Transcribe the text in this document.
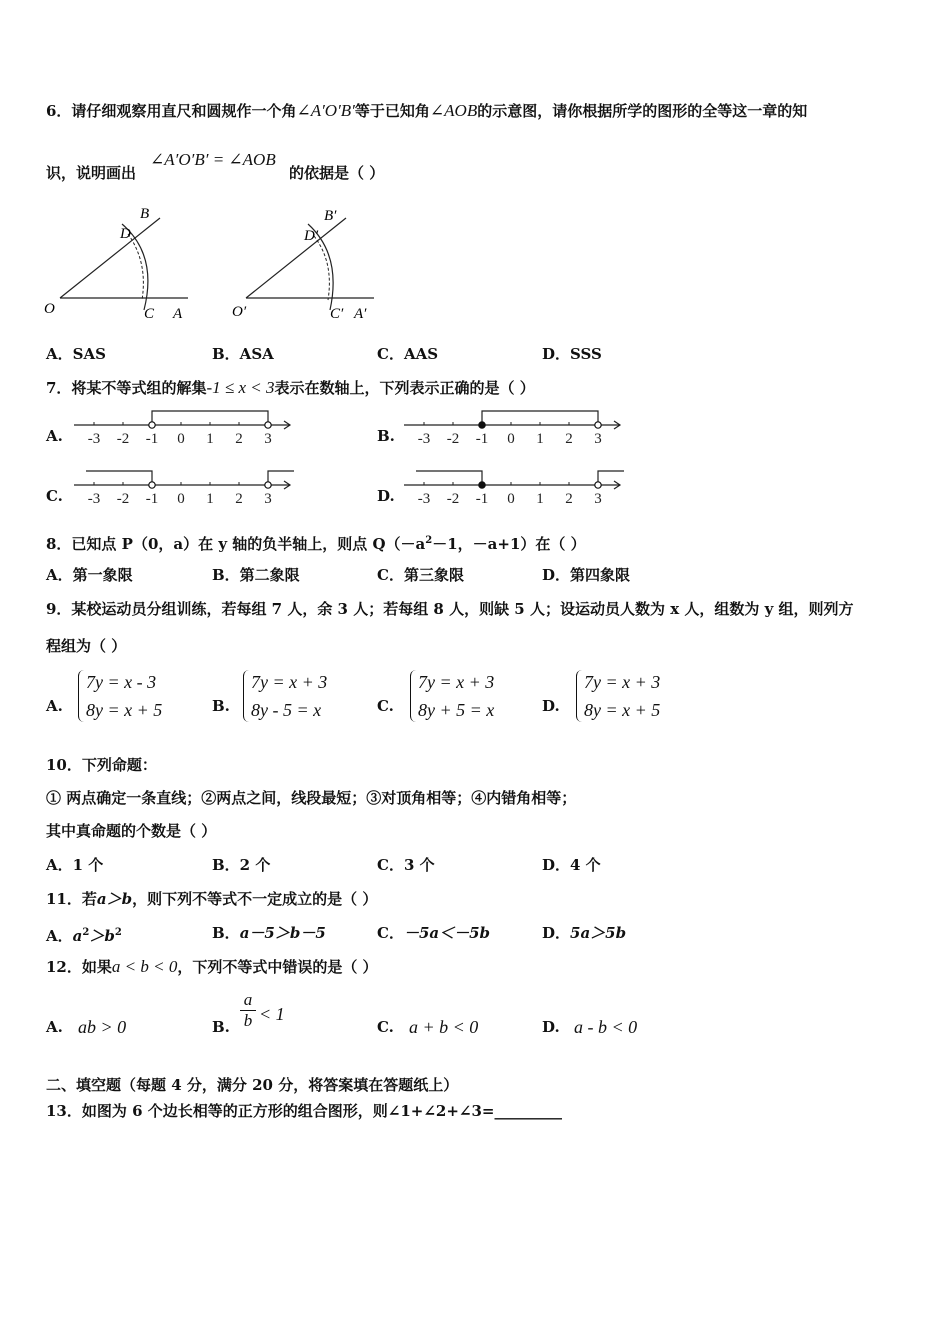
6．请仔细观察用直尺和圆规作一个角∠A′O′B′等于已知角∠AOB的示意图，请你根据所学的图形的全等这一章的知
识，说明画出
∠A′O′B′ = ∠AOB
的依据是（ ）
O	C A
B
D
O′	C′ A′
B′
D′
A．SAS	B．ASA	C．AAS	D．SSS
7．将某不等式组的解集-1 ≤ x < 3表示在数轴上，下列表示正确的是（ ）
A.	B.
C.	D.
-3 -2 -1 0 1 2 3	-3 -2 -1 0 1 2 3
-3 -2 -1 0 1 2 3	-3 -2 -1 0 1 2 3
8．已知点 P（0，a）在 y 轴的负半轴上，则点 $Q(-a^2-1$，－a+1）在（ ）
A．第一象限	B．第二象限	C．第三象限	D．第四象限
9．某校运动员分组训练，若每组 7 人，余 3 人；若每组 8 人，则缺 5 人；设运动员人数为 x 人，组数为 y 组，则列方
程组为（ ）
A.
7y = x - 3
8y = x + 5	B.
7y = x + 3
8y - 5 = x	C.
7y = x + 3
8y + 5 = x	D.
7y = x + 3
8y = x + 5
10．下列命题：
① 两点确定一条直线；②两点之间，线段最短；③对顶角相等；④内错角相等；
其中真命题的个数是（ ）
A．1 个	B．2 个	C．3 个	D．4 个
11．若a＞b，则下列不等式不一定成立的是（ ）
A．$a^2>b^2$	B．a－5＞b－5	C．－5a＜－5b	D．5a＞5b
12．如果a < b < 0，下列不等式中错误的是（ ）
A. ab > 0	B.
a
b < 1
C. a + b < 0	D. a - b < 0
二、填空题（每题 4 分，满分 20 分，将答案填在答题纸上）
13．如图为 6 个边长相等的正方形的组合图形，则∠1+∠2+∠3=_________
